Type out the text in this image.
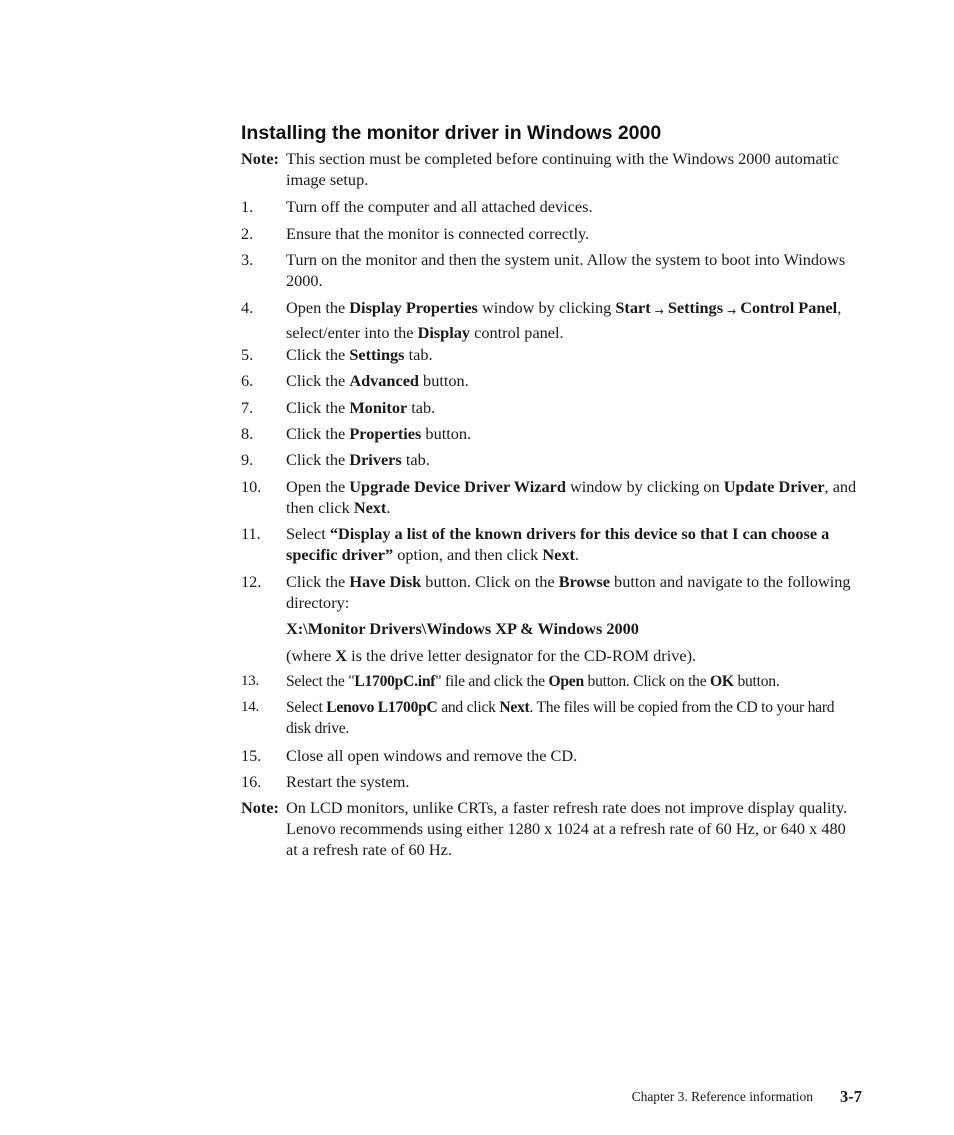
Installing the monitor driver in Windows 2000
Note: This section must be completed before continuing with the Windows 2000 automatic image setup.
1. Turn off the computer and all attached devices.
2. Ensure that the monitor is connected correctly.
3. Turn on the monitor and then the system unit. Allow the system to boot into Windows 2000.
4. Open the Display Properties window by clicking Start → Settings → Control Panel, select/enter into the Display control panel.
5. Click the Settings tab.
6. Click the Advanced button.
7. Click the Monitor tab.
8. Click the Properties button.
9. Click the Drivers tab.
10. Open the Upgrade Device Driver Wizard window by clicking on Update Driver, and then click Next.
11. Select “Display a list of the known drivers for this device so that I can choose a specific driver” option, and then click Next.
12. Click the Have Disk button. Click on the Browse button and navigate to the following directory:
X:\Monitor Drivers\Windows XP & Windows 2000
(where X is the drive letter designator for the CD-ROM drive).
13. Select the "L1700pC.inf" file and click the Open button. Click on the OK button.
14. Select Lenovo L1700pC and click Next. The files will be copied from the CD to your hard disk drive.
15. Close all open windows and remove the CD.
16. Restart the system.
Note: On LCD monitors, unlike CRTs, a faster refresh rate does not improve display quality. Lenovo recommends using either 1280 x 1024 at a refresh rate of 60 Hz, or 640 x 480 at a refresh rate of 60 Hz.
Chapter 3. Reference information 3-7
